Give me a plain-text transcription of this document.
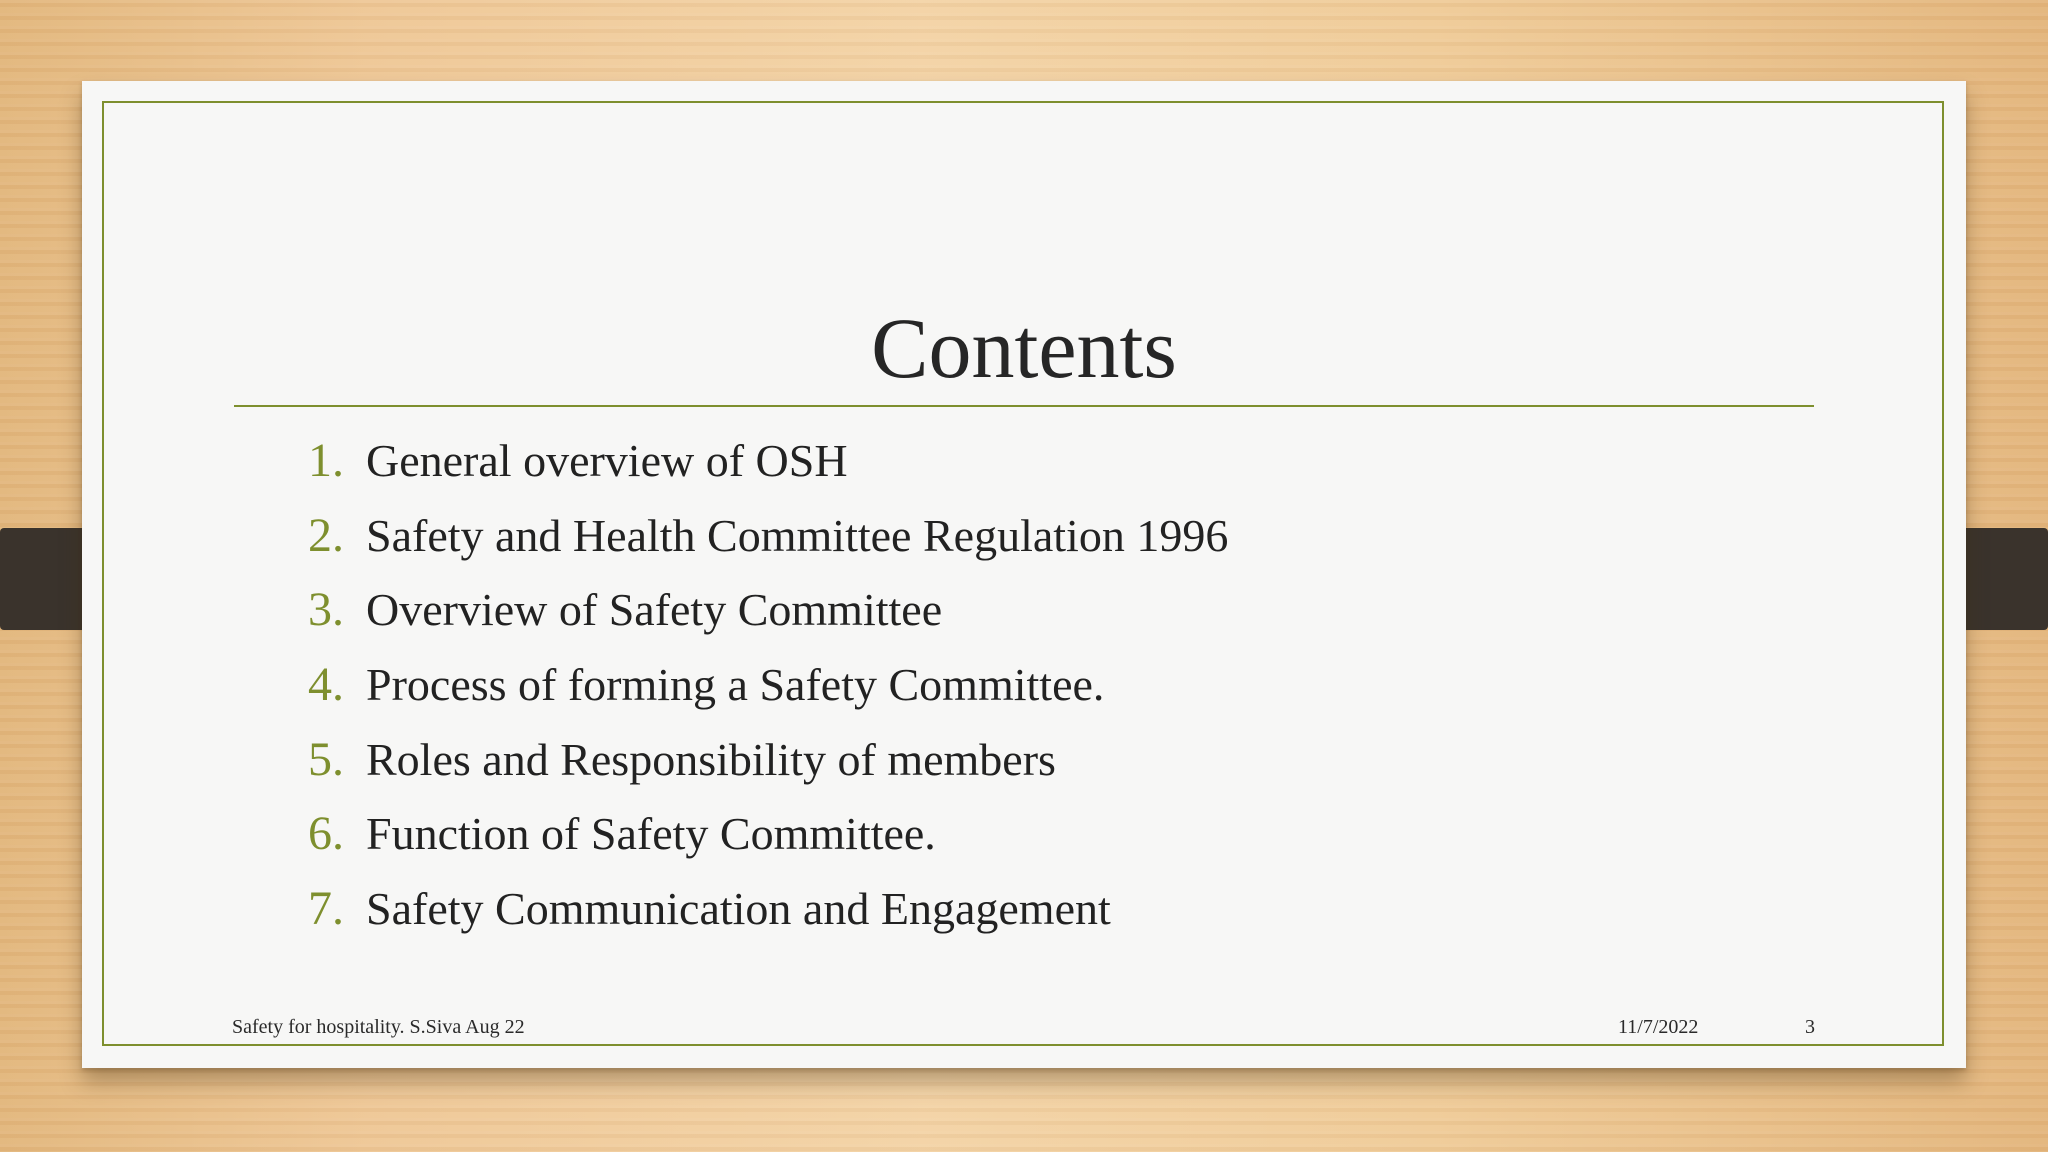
Contents
1. General overview of OSH
2. Safety and Health Committee Regulation 1996
3. Overview of Safety Committee
4. Process of forming a Safety Committee.
5. Roles and Responsibility of members
6. Function of Safety Committee.
7. Safety Communication and Engagement
Safety for hospitality. S.Siva Aug 22	11/7/2022	3
